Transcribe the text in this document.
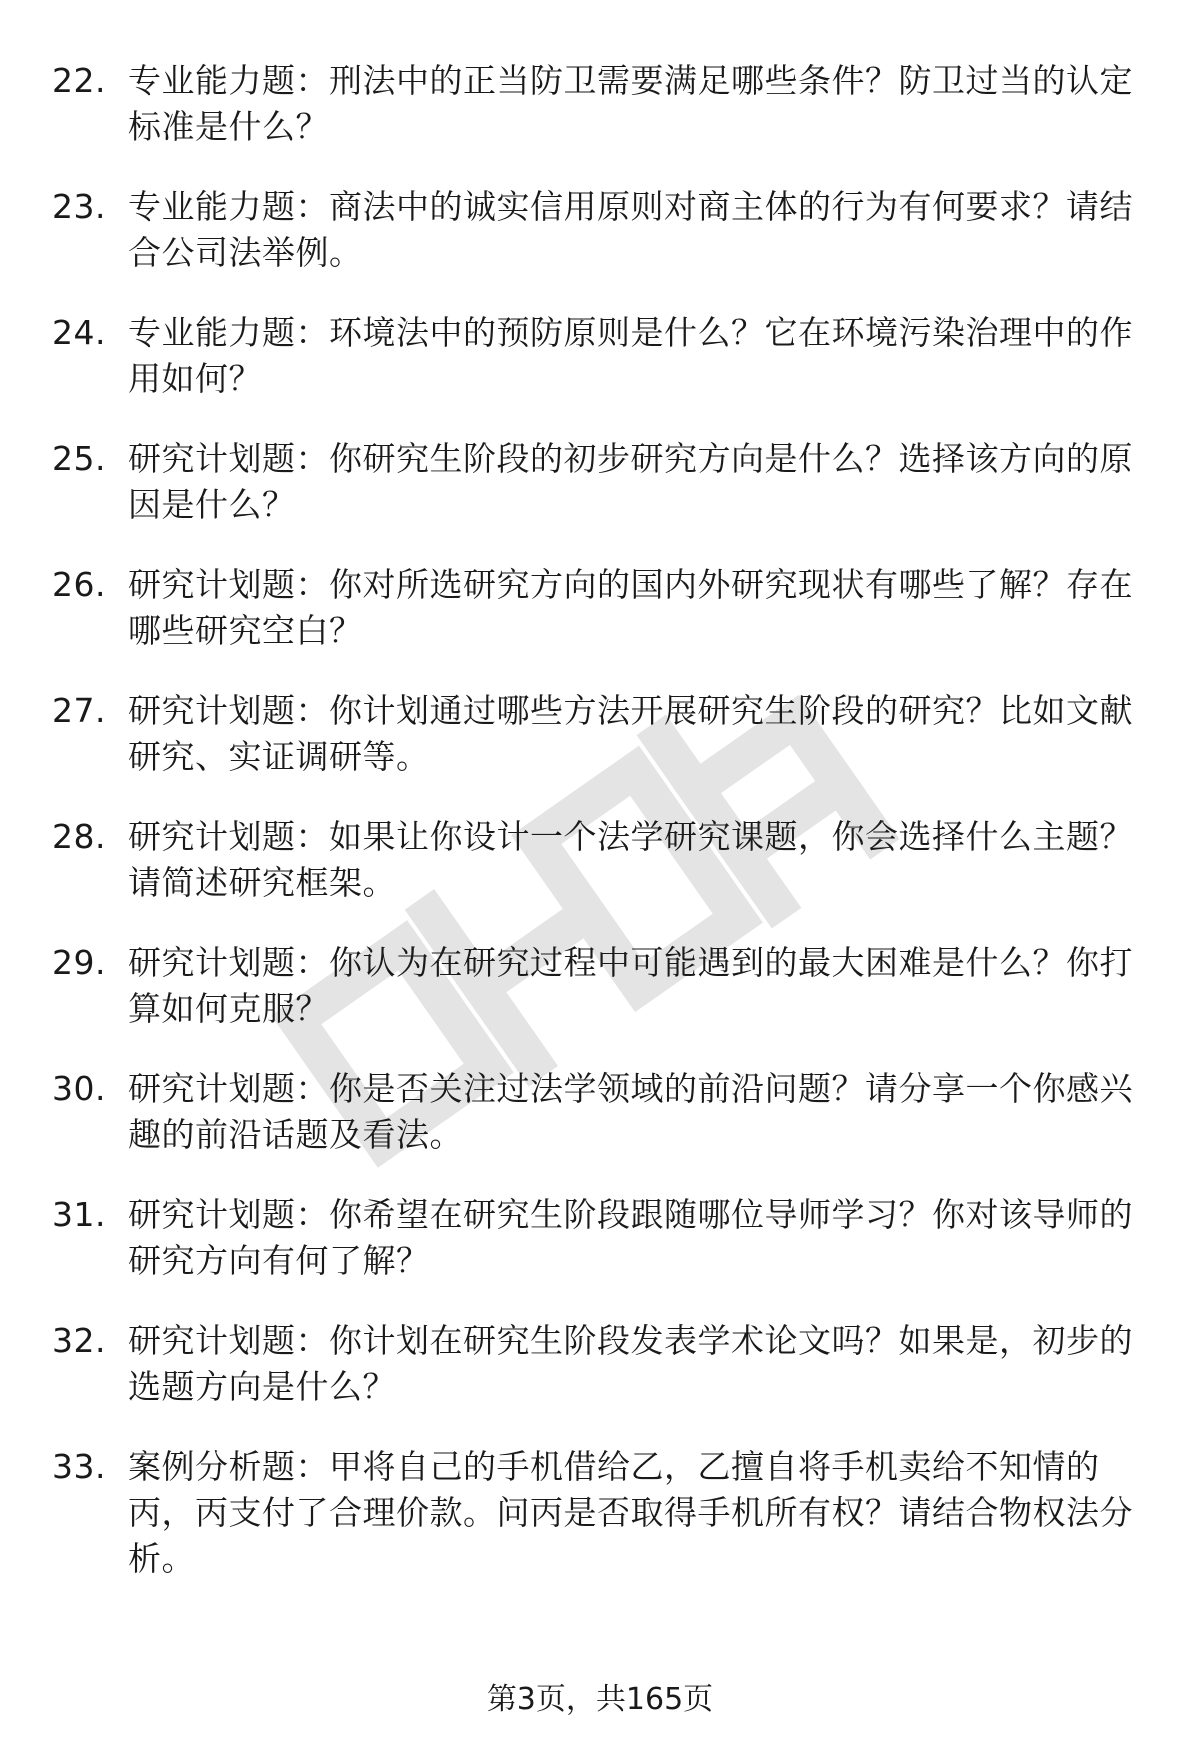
22. 专业能力题：刑法中的正当防卫需要满足哪些条件？防卫过当的认定标准是什么？
23. 专业能力题：商法中的诚实信用原则对商主体的行为有何要求？请结合公司法举例。
24. 专业能力题：环境法中的预防原则是什么？它在环境污染治理中的作用如何？
25. 研究计划题：你研究生阶段的初步研究方向是什么？选择该方向的原因是什么？
26. 研究计划题：你对所选研究方向的国内外研究现状有哪些了解？存在哪些研究空白？
27. 研究计划题：你计划通过哪些方法开展研究生阶段的研究？比如文献研究、实证调研等。
28. 研究计划题：如果让你设计一个法学研究课题，你会选择什么主题？请简述研究框架。
29. 研究计划题：你认为在研究过程中可能遇到的最大困难是什么？你打算如何克服？
30. 研究计划题：你是否关注过法学领域的前沿问题？请分享一个你感兴趣的前沿话题及看法。
31. 研究计划题：你希望在研究生阶段跟随哪位导师学习？你对该导师的研究方向有何了解？
32. 研究计划题：你计划在研究生阶段发表学术论文吗？如果是，初步的选题方向是什么？
33. 案例分析题：甲将自己的手机借给乙，乙擅自将手机卖给不知情的丙，丙支付了合理价款。问丙是否取得手机所有权？请结合物权法分析。
第3页，共165页
